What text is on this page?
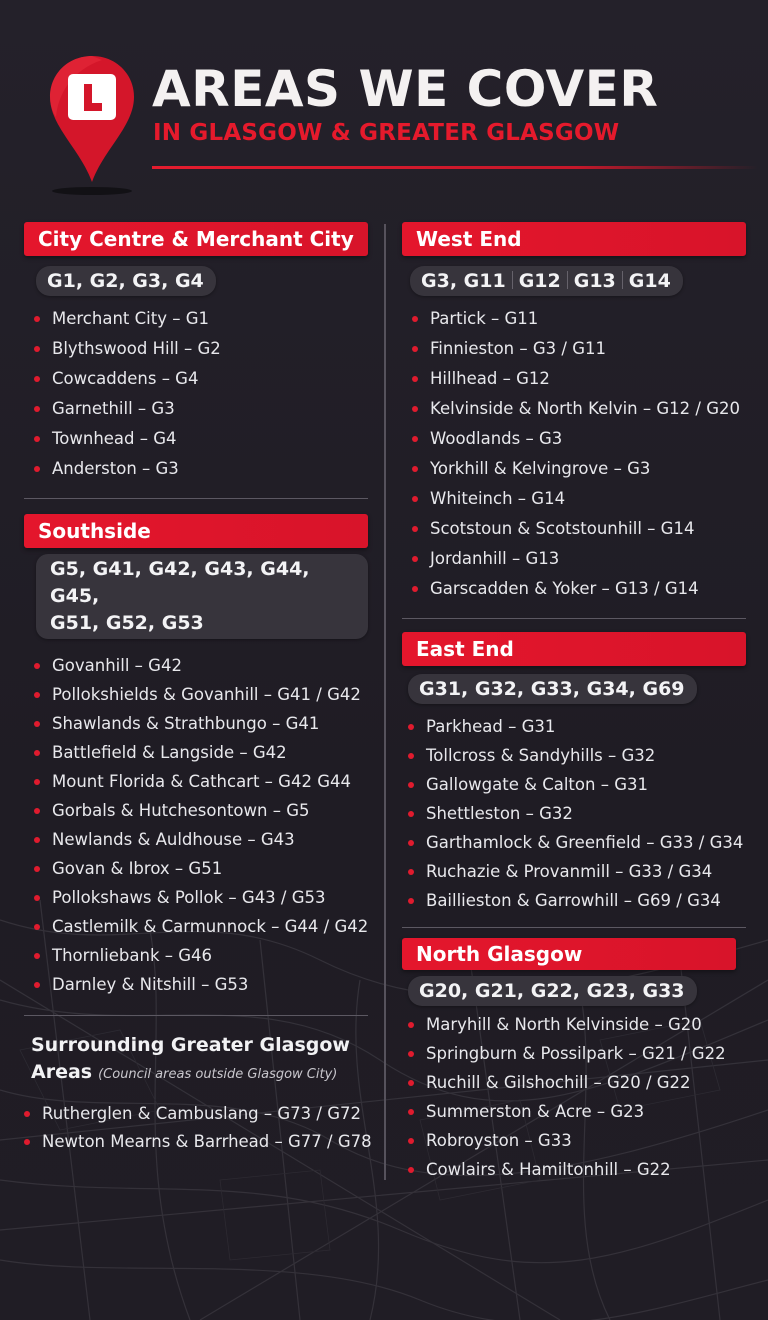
AREAS WE COVER
IN GLASGOW & GREATER GLASGOW
City Centre & Merchant City
G1, G2, G3, G4
Merchant City – G1
Blythswood Hill – G2
Cowcaddens – G4
Garnethill – G3
Townhead – G4
Anderston – G3
Southside
G5, G41, G42, G43, G44, G45,
G51, G52, G53
Govanhill – G42
Pollokshields & Govanhill – G41 / G42
Shawlands & Strathbungo – G41
Battlefield & Langside – G42
Mount Florida & Cathcart – G42 G44
Gorbals & Hutchesontown – G5
Newlands & Auldhouse – G43
Govan & Ibrox – G51
Pollokshaws & Pollok – G43 / G53
Castlemilk & Carmunnock – G44 / G42
Thornliebank – G46
Darnley & Nitshill – G53
Surrounding Greater Glasgow
Areas (Council areas outside Glasgow City)
Rutherglen & Cambuslang – G73 / G72
Newton Mearns & Barrhead – G77 / G78
West End
G3, G11 G12 G13 G14
Partick – G11
Finnieston – G3 / G11
Hillhead – G12
Kelvinside & North Kelvin – G12 / G20
Woodlands – G3
Yorkhill & Kelvingrove – G3
Whiteinch – G14
Scotstoun & Scotstounhill – G14
Jordanhill – G13
Garscadden & Yoker – G13 / G14
East End
G31, G32, G33, G34, G69
Parkhead – G31
Tollcross & Sandyhills – G32
Gallowgate & Calton – G31
Shettleston – G32
Garthamlock & Greenfield – G33 / G34
Ruchazie & Provanmill – G33 / G34
Baillieston & Garrowhill – G69 / G34
North Glasgow
G20, G21, G22, G23, G33
Maryhill & North Kelvinside – G20
Springburn & Possilpark – G21 / G22
Ruchill & Gilshochill – G20 / G22
Summerston & Acre – G23
Robroyston – G33
Cowlairs & Hamiltonhill – G22
